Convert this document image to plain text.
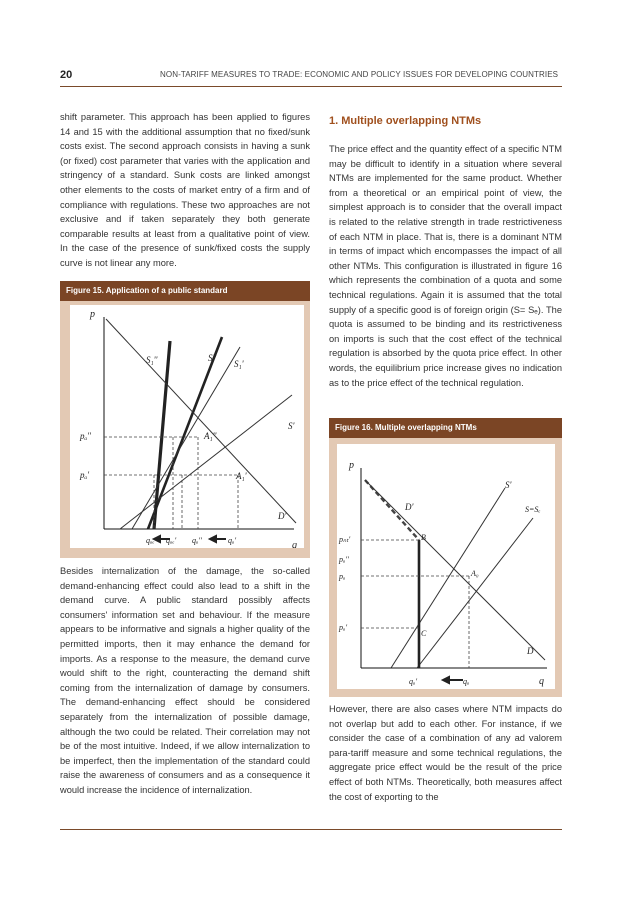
20	NON-TARIFF MEASURES TO TRADE: ECONOMIC AND POLICY ISSUES FOR DEVELOPING COUNTRIES

shift parameter. This approach has been applied to figures 14 and 15 with the additional assumption that no fixed/sunk costs exist. The second approach consists in having a sunk (or fixed) cost parameter that varies with the application and stringency of a standard. Sunk costs are linked amongst other elements to the costs of market entry of a firm and of compliance with regulations. These two approaches are not exclusive and if taken separately they both generate comparable results at least from a qualitative point of view. In the case of the presence of sunk/fixed costs the supply curve is not linear any more.

Figure 15. Application of a public standard
p
q
S₁''	S''
S₁'
S'
D'
A₁''
A₁'
pₐ''
pₐ'
qₐₑ'' qₐₑ' qₐ''	qₐ'

Besides internalization of the damage, the so-called demand-enhancing effect could also lead to a shift in the demand curve. A public standard possibly affects consumers' information set and behaviour. If the measure appears to be informative and signals a higher quality of the permitted imports, then it may enhance the demand for imports. As a response to the measure, the demand curve would shift to the right, counteracting the demand shift coming from the internalization of damage by consumers. The demand-enhancing effect should be considered separately from the internalization of possible damage, although the two could be related. Their correlation may not be of the most intuitive. Indeed, if we allow internalization to be imperfect, then the implementation of the standard could raise the awareness of consumers and as a consequence it would increase the incidence of internalization.

1. Multiple overlapping NTMs

The price effect and the quantity effect of a specific NTM may be difficult to identify in a situation where several NTMs are implemented for the same product. Whether from a theoretical or an empirical point of view, the simplest approach is to consider that the overall impact is related to the relative strength in trade restrictiveness of each NTM in place. That is, there is a dominant NTM in terms of impact which encompasses the impact of all other NTMs. This configuration is illustrated in figure 16 which represents the combination of a quota and some technical regulations. Again it is assumed that the total supply of a specific good is of foreign origin (S= Sₑ). The quota is assumed to be binding and its restrictiveness on imports is such that the cost effect of the technical regulation is absorbed by the quota price effect. In other words, the equilibrium price increase gives no indication as to the price effect of the technical regulation.

Figure 16. Multiple overlapping NTMs
p
q
S'
S=Sₑ
D'
D
pₙₜ'
pₐ''
pₐ
pₐ'
B
C
A₀
qₐ'	qₐ

However, there are also cases where NTM impacts do not overlap but add to each other. For instance, if we consider the case of a combination of any ad valorem para-tariff measure and some technical regulations, the aggregate price effect would be the result of the price effect of both NTMs. Theoretically, both measures affect the cost of exporting to the
